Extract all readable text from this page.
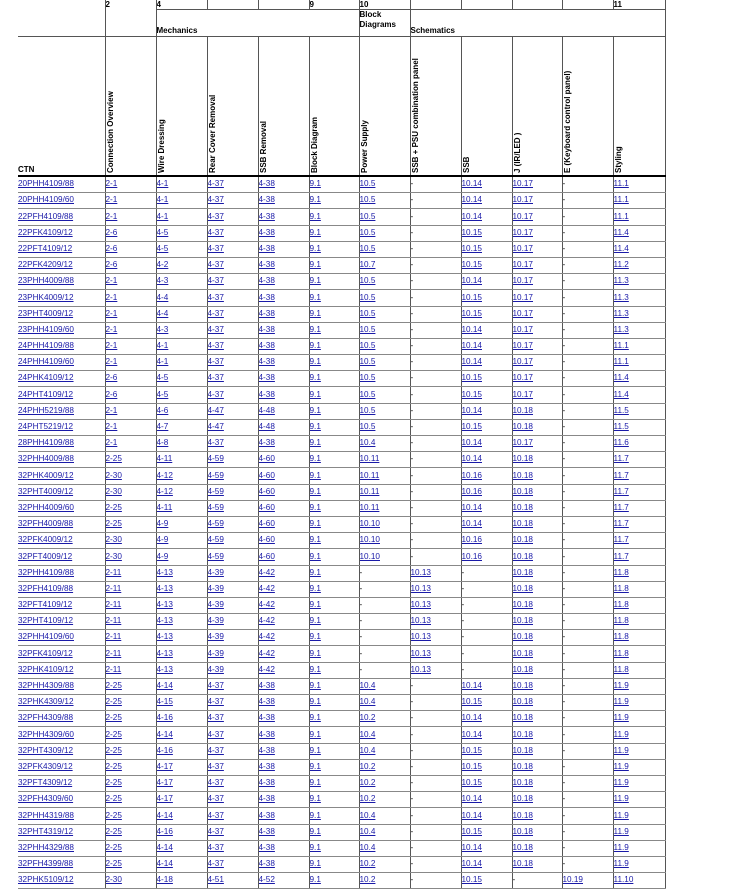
	2	4			9	10					11	
		Mechanics				Block Diagrams	Schematics					
CTN	Connection Overview	Wire Dressing	Rear Cover Removal	SSB Removal	Block Diagram	Power Supply	SSB + PSU combination panel	SSB	J (IR/LED )	E (Keyboard control panel)	Styling	

20PHH4109/88	2-1	4-1	4-37	4-38	9.1	10.5	-	10.14	10.17	-	11.1	
20PHH4109/60	2-1	4-1	4-37	4-38	9.1	10.5	-	10.14	10.17	-	11.1	
22PFH4109/88	2-1	4-1	4-37	4-38	9.1	10.5	-	10.14	10.17	-	11.1	
22PFK4109/12	2-6	4-5	4-37	4-38	9.1	10.5	-	10.15	10.17	-	11.4	
22PFT4109/12	2-6	4-5	4-37	4-38	9.1	10.5	-	10.15	10.17	-	11.4	
22PFK4209/12	2-6	4-2	4-37	4-38	9.1	10.7	-	10.15	10.17	-	11.2	
23PHH4009/88	2-1	4-3	4-37	4-38	9.1	10.5	-	10.14	10.17	-	11.3	
23PHK4009/12	2-1	4-4	4-37	4-38	9.1	10.5	-	10.15	10.17	-	11.3	
23PHT4009/12	2-1	4-4	4-37	4-38	9.1	10.5	-	10.15	10.17	-	11.3	
23PHH4109/60	2-1	4-3	4-37	4-38	9.1	10.5	-	10.14	10.17	-	11.3	
24PHH4109/88	2-1	4-1	4-37	4-38	9.1	10.5	-	10.14	10.17	-	11.1	
24PHH4109/60	2-1	4-1	4-37	4-38	9.1	10.5	-	10.14	10.17	-	11.1	
24PHK4109/12	2-6	4-5	4-37	4-38	9.1	10.5	-	10.15	10.17	-	11.4	
24PHT4109/12	2-6	4-5	4-37	4-38	9.1	10.5	-	10.15	10.17	-	11.4	
24PHH5219/88	2-1	4-6	4-47	4-48	9.1	10.5	-	10.14	10.18	-	11.5	
24PHT5219/12	2-1	4-7	4-47	4-48	9.1	10.5	-	10.15	10.18	-	11.5	
28PHH4109/88	2-1	4-8	4-37	4-38	9.1	10.4	-	10.14	10.17	-	11.6	
32PHH4009/88	2-25	4-11	4-59	4-60	9.1	10.11	-	10.14	10.18	-	11.7	
32PHK4009/12	2-30	4-12	4-59	4-60	9.1	10.11	-	10.16	10.18	-	11.7	
32PHT4009/12	2-30	4-12	4-59	4-60	9.1	10.11	-	10.16	10.18	-	11.7	
32PHH4009/60	2-25	4-11	4-59	4-60	9.1	10.11	-	10.14	10.18	-	11.7	
32PFH4009/88	2-25	4-9	4-59	4-60	9.1	10.10	-	10.14	10.18	-	11.7	
32PFK4009/12	2-30	4-9	4-59	4-60	9.1	10.10	-	10.16	10.18	-	11.7	
32PFT4009/12	2-30	4-9	4-59	4-60	9.1	10.10	-	10.16	10.18	-	11.7	
32PHH4109/88	2-11	4-13	4-39	4-42	9.1	-	10.13	-	10.18	-	11.8	
32PFH4109/88	2-11	4-13	4-39	4-42	9.1	-	10.13	-	10.18	-	11.8	
32PFT4109/12	2-11	4-13	4-39	4-42	9.1	-	10.13	-	10.18	-	11.8	
32PHT4109/12	2-11	4-13	4-39	4-42	9.1	-	10.13	-	10.18	-	11.8	
32PHH4109/60	2-11	4-13	4-39	4-42	9.1	-	10.13	-	10.18	-	11.8	
32PFK4109/12	2-11	4-13	4-39	4-42	9.1	-	10.13	-	10.18	-	11.8	
32PHK4109/12	2-11	4-13	4-39	4-42	9.1	-	10.13	-	10.18	-	11.8	
32PHH4309/88	2-25	4-14	4-37	4-38	9.1	10.4	-	10.14	10.18	-	11.9	
32PHK4309/12	2-25	4-15	4-37	4-38	9.1	10.4	-	10.15	10.18	-	11.9	
32PFH4309/88	2-25	4-16	4-37	4-38	9.1	10.2	-	10.14	10.18	-	11.9	
32PHH4309/60	2-25	4-14	4-37	4-38	9.1	10.4	-	10.14	10.18	-	11.9	
32PHT4309/12	2-25	4-16	4-37	4-38	9.1	10.4	-	10.15	10.18	-	11.9	
32PFK4309/12	2-25	4-17	4-37	4-38	9.1	10.2	-	10.15	10.18	-	11.9	
32PFT4309/12	2-25	4-17	4-37	4-38	9.1	10.2	-	10.15	10.18	-	11.9	
32PFH4309/60	2-25	4-17	4-37	4-38	9.1	10.2	-	10.14	10.18	-	11.9	
32PHH4319/88	2-25	4-14	4-37	4-38	9.1	10.4	-	10.14	10.18	-	11.9	
32PHT4319/12	2-25	4-16	4-37	4-38	9.1	10.4	-	10.15	10.18	-	11.9	
32PHH4329/88	2-25	4-14	4-37	4-38	9.1	10.4	-	10.14	10.18	-	11.9	
32PFH4399/88	2-25	4-14	4-37	4-38	9.1	10.2	-	10.14	10.18	-	11.9	
32PHK5109/12	2-30	4-18	4-51	4-52	9.1	10.2	-	10.15	-	10.19	11.10	
